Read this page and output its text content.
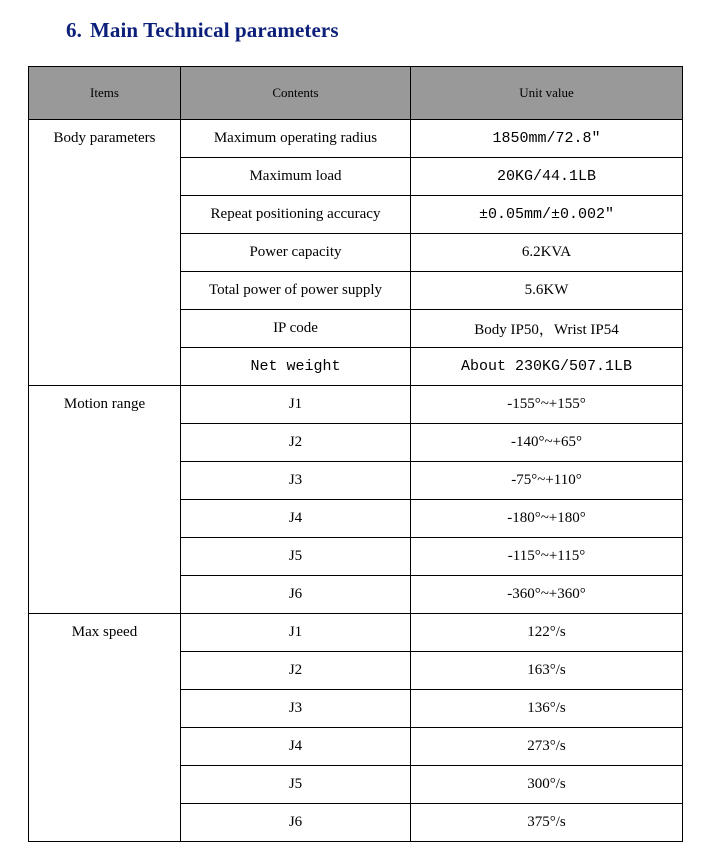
6. Main Technical parameters
Items	Contents	Unit value
Body parameters	Maximum operating radius	1850mm/72.8″
	Maximum load	20KG/44.1LB
	Repeat positioning accuracy	±0.05mm/±0.002″
	Power capacity	6.2KVA
	Total power of power supply	5.6KW
	IP code	Body IP50，Wrist IP54
	Net weight	About 230KG/507.1LB
Motion range	J1	-155°~+155°
	J2	-140°~+65°
	J3	-75°~+110°
	J4	-180°~+180°
	J5	-115°~+115°
	J6	-360°~+360°
Max speed	J1	122°/s
	J2	163°/s
	J3	136°/s
	J4	273°/s
	J5	300°/s
	J6	375°/s
